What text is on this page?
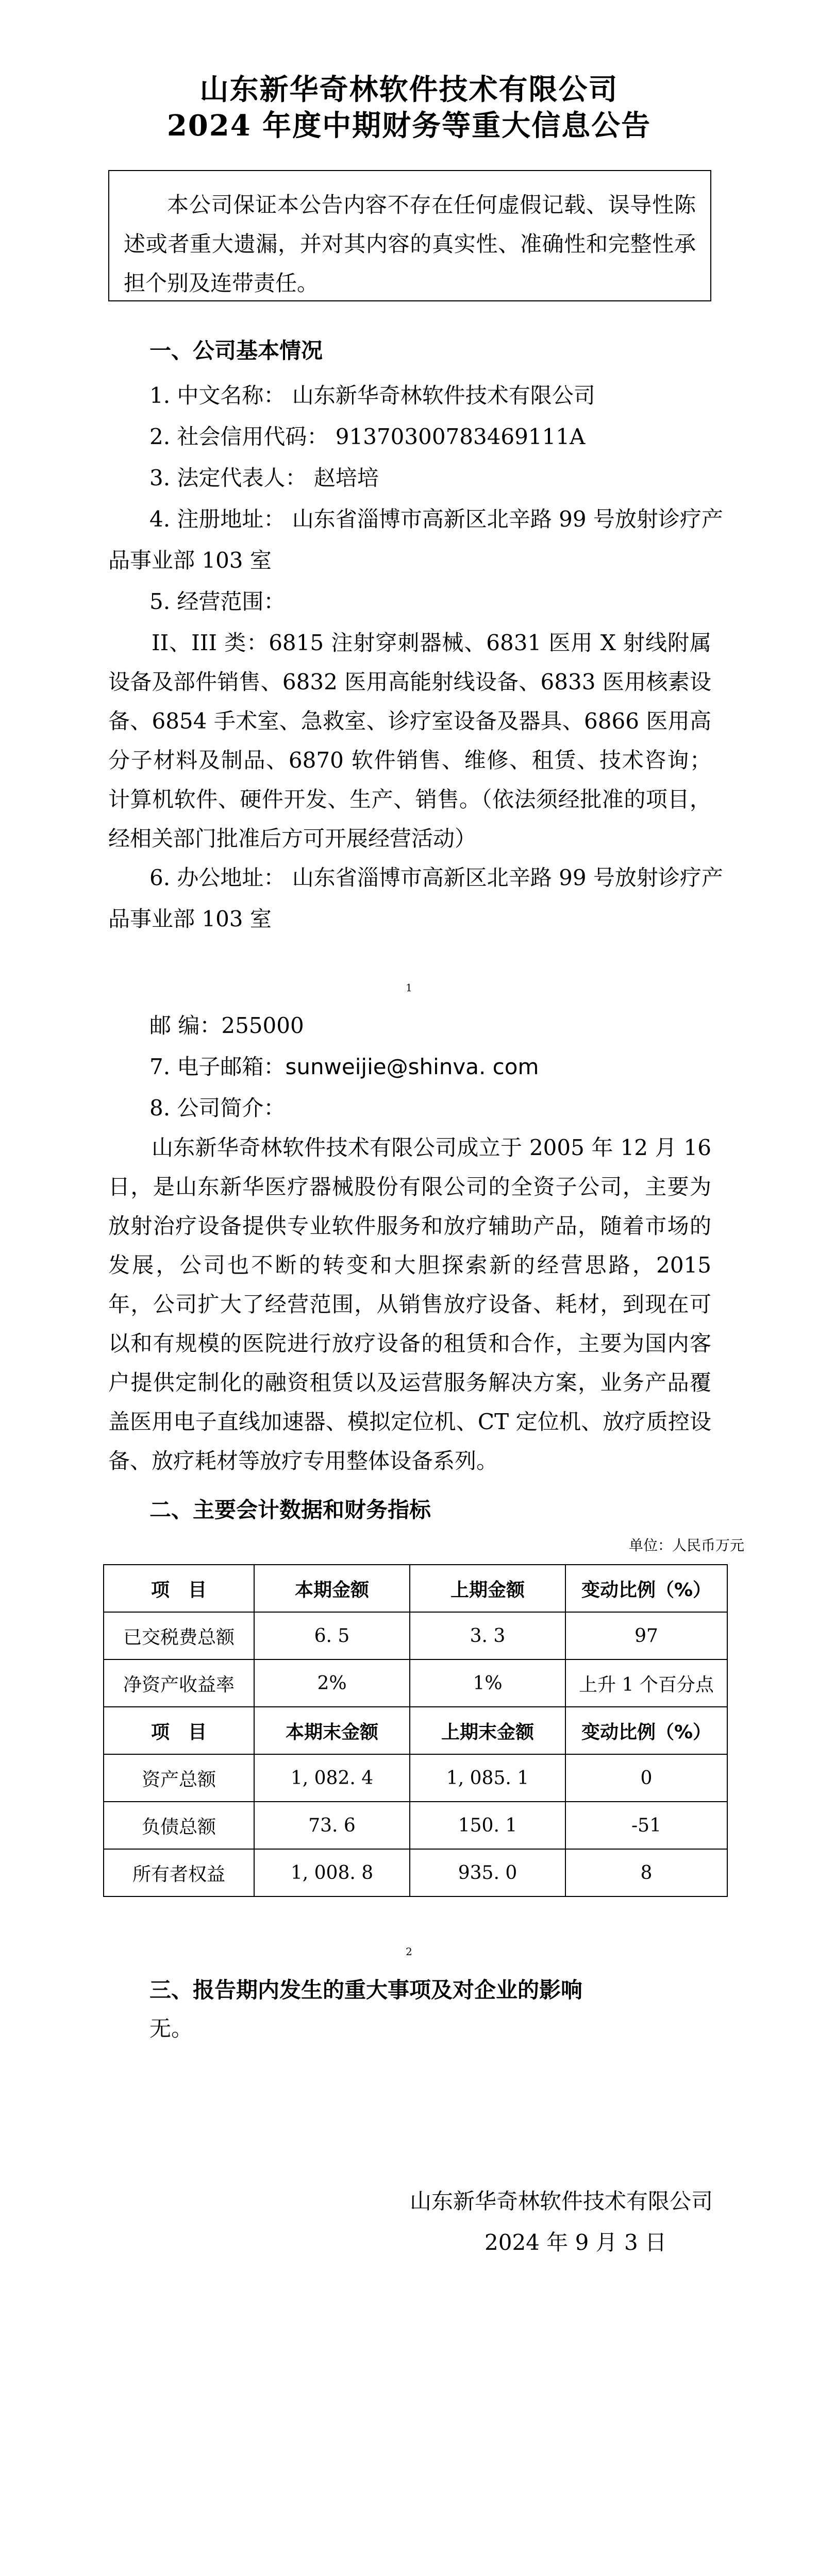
山东新华奇林软件技术有限公司
2024 年度中期财务等重大信息公告
本公司保证本公告内容不存在任何虚假记载、误导性陈述或者重大遗漏，并对其内容的真实性、准确性和完整性承担个别及连带责任。
一、公司基本情况
1. 中文名称： 山东新华奇林软件技术有限公司
2. 社会信用代码： 91370300783469111A
3. 法定代表人： 赵培培
4. 注册地址： 山东省淄博市高新区北辛路 99 号放射诊疗产
品事业部 103 室
5. 经营范围：
II、III 类：6815 注射穿刺器械、6831 医用 X 射线附属设备及部件销售、6832 医用高能射线设备、6833 医用核素设备、6854 手术室、急救室、诊疗室设备及器具、6866 医用高分子材料及制品、6870 软件销售、维修、租赁、技术咨询；计算机软件、硬件开发、生产、销售。（依法须经批准的项目，经相关部门批准后方可开展经营活动）
6. 办公地址： 山东省淄博市高新区北辛路 99 号放射诊疗产
品事业部 103 室
1
邮 编：255000
7. 电子邮箱：sunweijie@shinva. com
8. 公司简介：
山东新华奇林软件技术有限公司成立于 2005 年 12 月 16 日，是山东新华医疗器械股份有限公司的全资子公司，主要为放射治疗设备提供专业软件服务和放疗辅助产品，随着市场的发展，公司也不断的转变和大胆探索新的经营思路，2015 年，公司扩大了经营范围，从销售放疗设备、耗材，到现在可以和有规模的医院进行放疗设备的租赁和合作，主要为国内客户提供定制化的融资租赁以及运营服务解决方案，业务产品覆盖医用电子直线加速器、模拟定位机、CT 定位机、放疗质控设备、放疗耗材等放疗专用整体设备系列。
二、主要会计数据和财务指标
单位：人民币万元
项　目	本期金额	上期金额	变动比例（%）
已交税费总额	6. 5	3. 3	97
净资产收益率	2%	1%	上升 1 个百分点
项　目	本期末金额	上期末金额	变动比例（%）
资产总额	1, 082. 4	1, 085. 1	0
负债总额	73. 6	150. 1	-51
所有者权益	1, 008. 8	935. 0	8
2
三、报告期内发生的重大事项及对企业的影响
无。
山东新华奇林软件技术有限公司
2024 年 9 月 3 日
